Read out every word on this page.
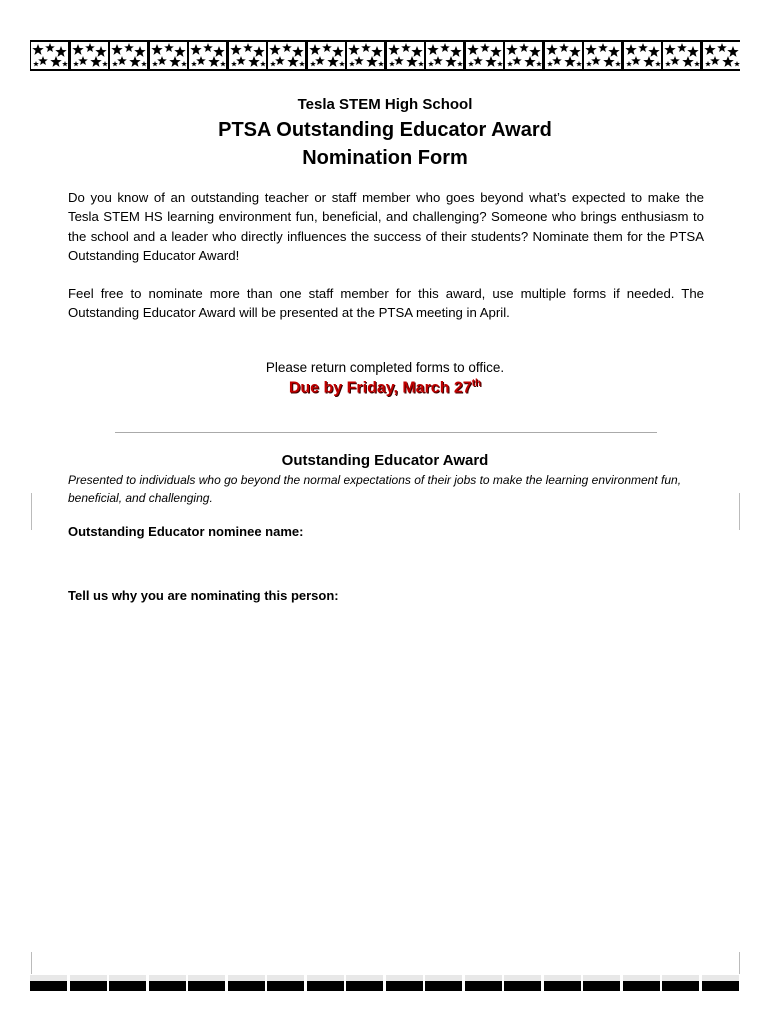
Tesla STEM High School
PTSA Outstanding Educator Award
Nomination Form
Do you know of an outstanding teacher or staff member who goes beyond what’s expected to make the Tesla STEM HS learning environment fun, beneficial, and challenging? Someone who brings enthusiasm to the school and a leader who directly influences the success of their students? Nominate them for the PTSA Outstanding Educator Award!
Feel free to nominate more than one staff member for this award, use multiple forms if needed. The Outstanding Educator Award will be presented at the PTSA meeting in April.
Please return completed forms to office.
Due by Friday, March 27th
Outstanding Educator Award
Presented to individuals who go beyond the normal expectations of their jobs to make the learning environment fun, beneficial, and challenging.
Outstanding Educator nominee name:
Tell us why you are nominating this person:
